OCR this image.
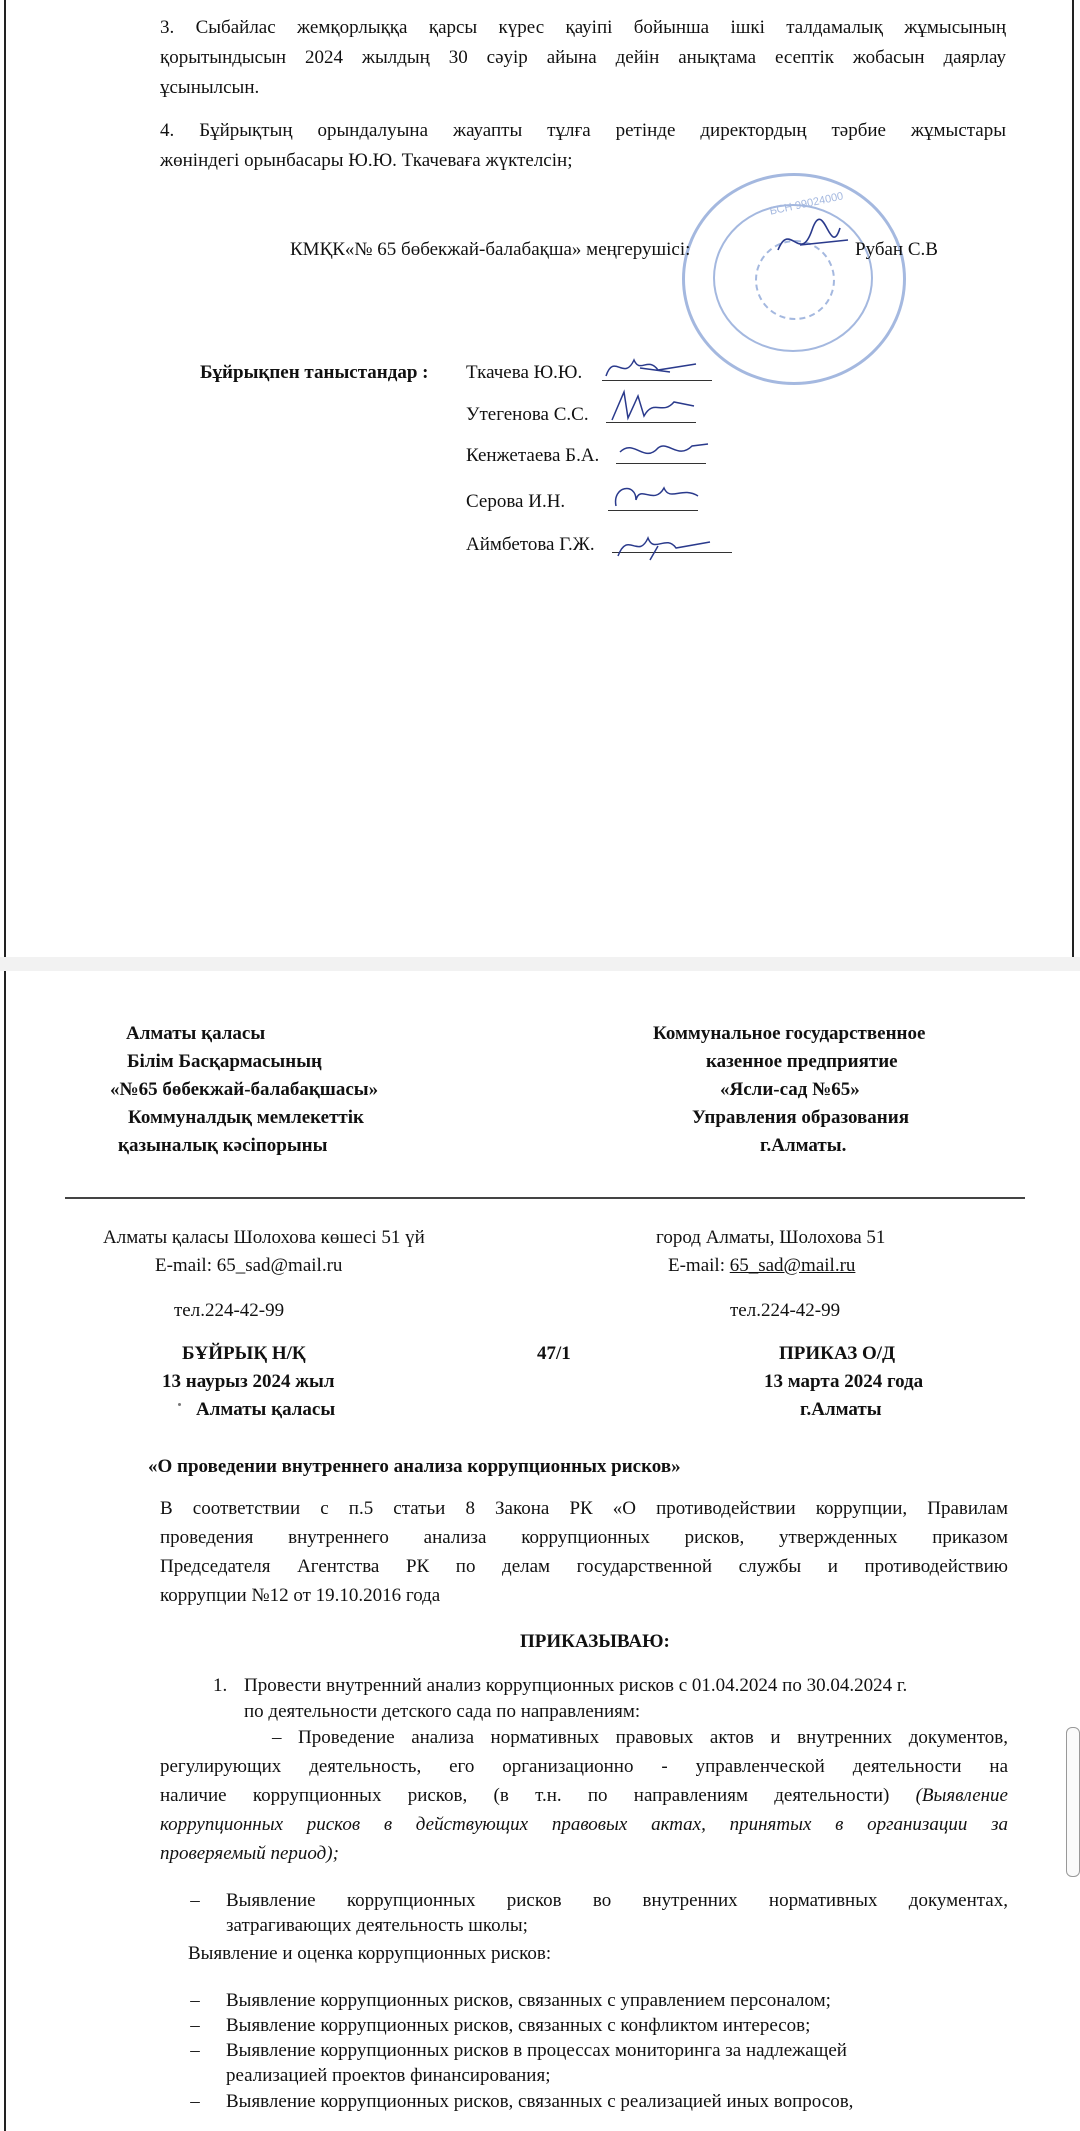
3. Сыбайлас жемқорлыққа қарсы күрес қауіпі бойынша ішкі талдамалық жұмысының
қорытындысын 2024 жылдың 30 сәуір айына дейін анықтама есептік жобасын даярлау
ұсынылсын.
4. Бұйрықтың орындалуына жауапты тұлға ретінде директордың тәрбие жұмыстары
жөніндегі орынбасары Ю.Ю. Ткачеваға жүктелсін;
БСН 99024000
КМҚК«№ 65 бөбекжай-балабақша» меңгерушісі:	Рубан С.В
Бұйрықпен таныстандар : Ткачева Ю.Ю.
Утегенова С.С.
Кенжетаева Б.А.
Серова И.Н.
Аймбетова Г.Ж.
Алматы қаласы
Білім Басқармасының
«№65 бөбекжай-балабақшасы»
Коммуналдық мемлекеттік
қазыналық кәсіпорыны
Коммунальное государственное
казенное предприятие
«Ясли-сад №65»
Управления образования
г.Алматы.
Алматы қаласы Шолохова көшесі 51 үй
E-mail: 65_sad@mail.ru
тел.224-42-99
город Алматы, Шолохова 51
E-mail: 65_sad@mail.ru
тел.224-42-99
БҰЙРЫҚ Н/Қ
13 наурыз 2024 жыл
Алматы қаласы
47/1	ПРИКАЗ О/Д
13 марта 2024 года
г.Алматы
«О проведении внутреннего анализа коррупционных рисков»
В соответствии с п.5 статьи 8 Закона РК «О противодействии коррупции, Правилам
проведения внутреннего анализа коррупционных рисков, утвержденных приказом
Председателя Агентства РК по делам государственной службы и противодействию
коррупции №12 от 19.10.2016 года
ПРИКАЗЫВАЮ:
1. Провести внутренний анализ коррупционных рисков с 01.04.2024 по 30.04.2024 г.
по деятельности детского сада по направлениям:
– Проведение анализа нормативных правовых актов и внутренних документов,
регулирующих деятельность, его организационно - управленческой деятельности на
наличие коррупционных рисков, (в т.н. по направлениям деятельности) (Выявление
коррупционных рисков в действующих правовых актах, принятых в организации за
проверяемый период);
– Выявление коррупционных рисков во внутренних нормативных документах,
затрагивающих деятельность школы;
Выявление и оценка коррупционных рисков:
– Выявление коррупционных рисков, связанных с управлением персоналом;
– Выявление коррупционных рисков, связанных с конфликтом интересов;
– Выявление коррупционных рисков в процессах мониторинга за надлежащей
реализацией проектов финансирования;
– Выявление коррупционных рисков, связанных с реализацией иных вопросов,
